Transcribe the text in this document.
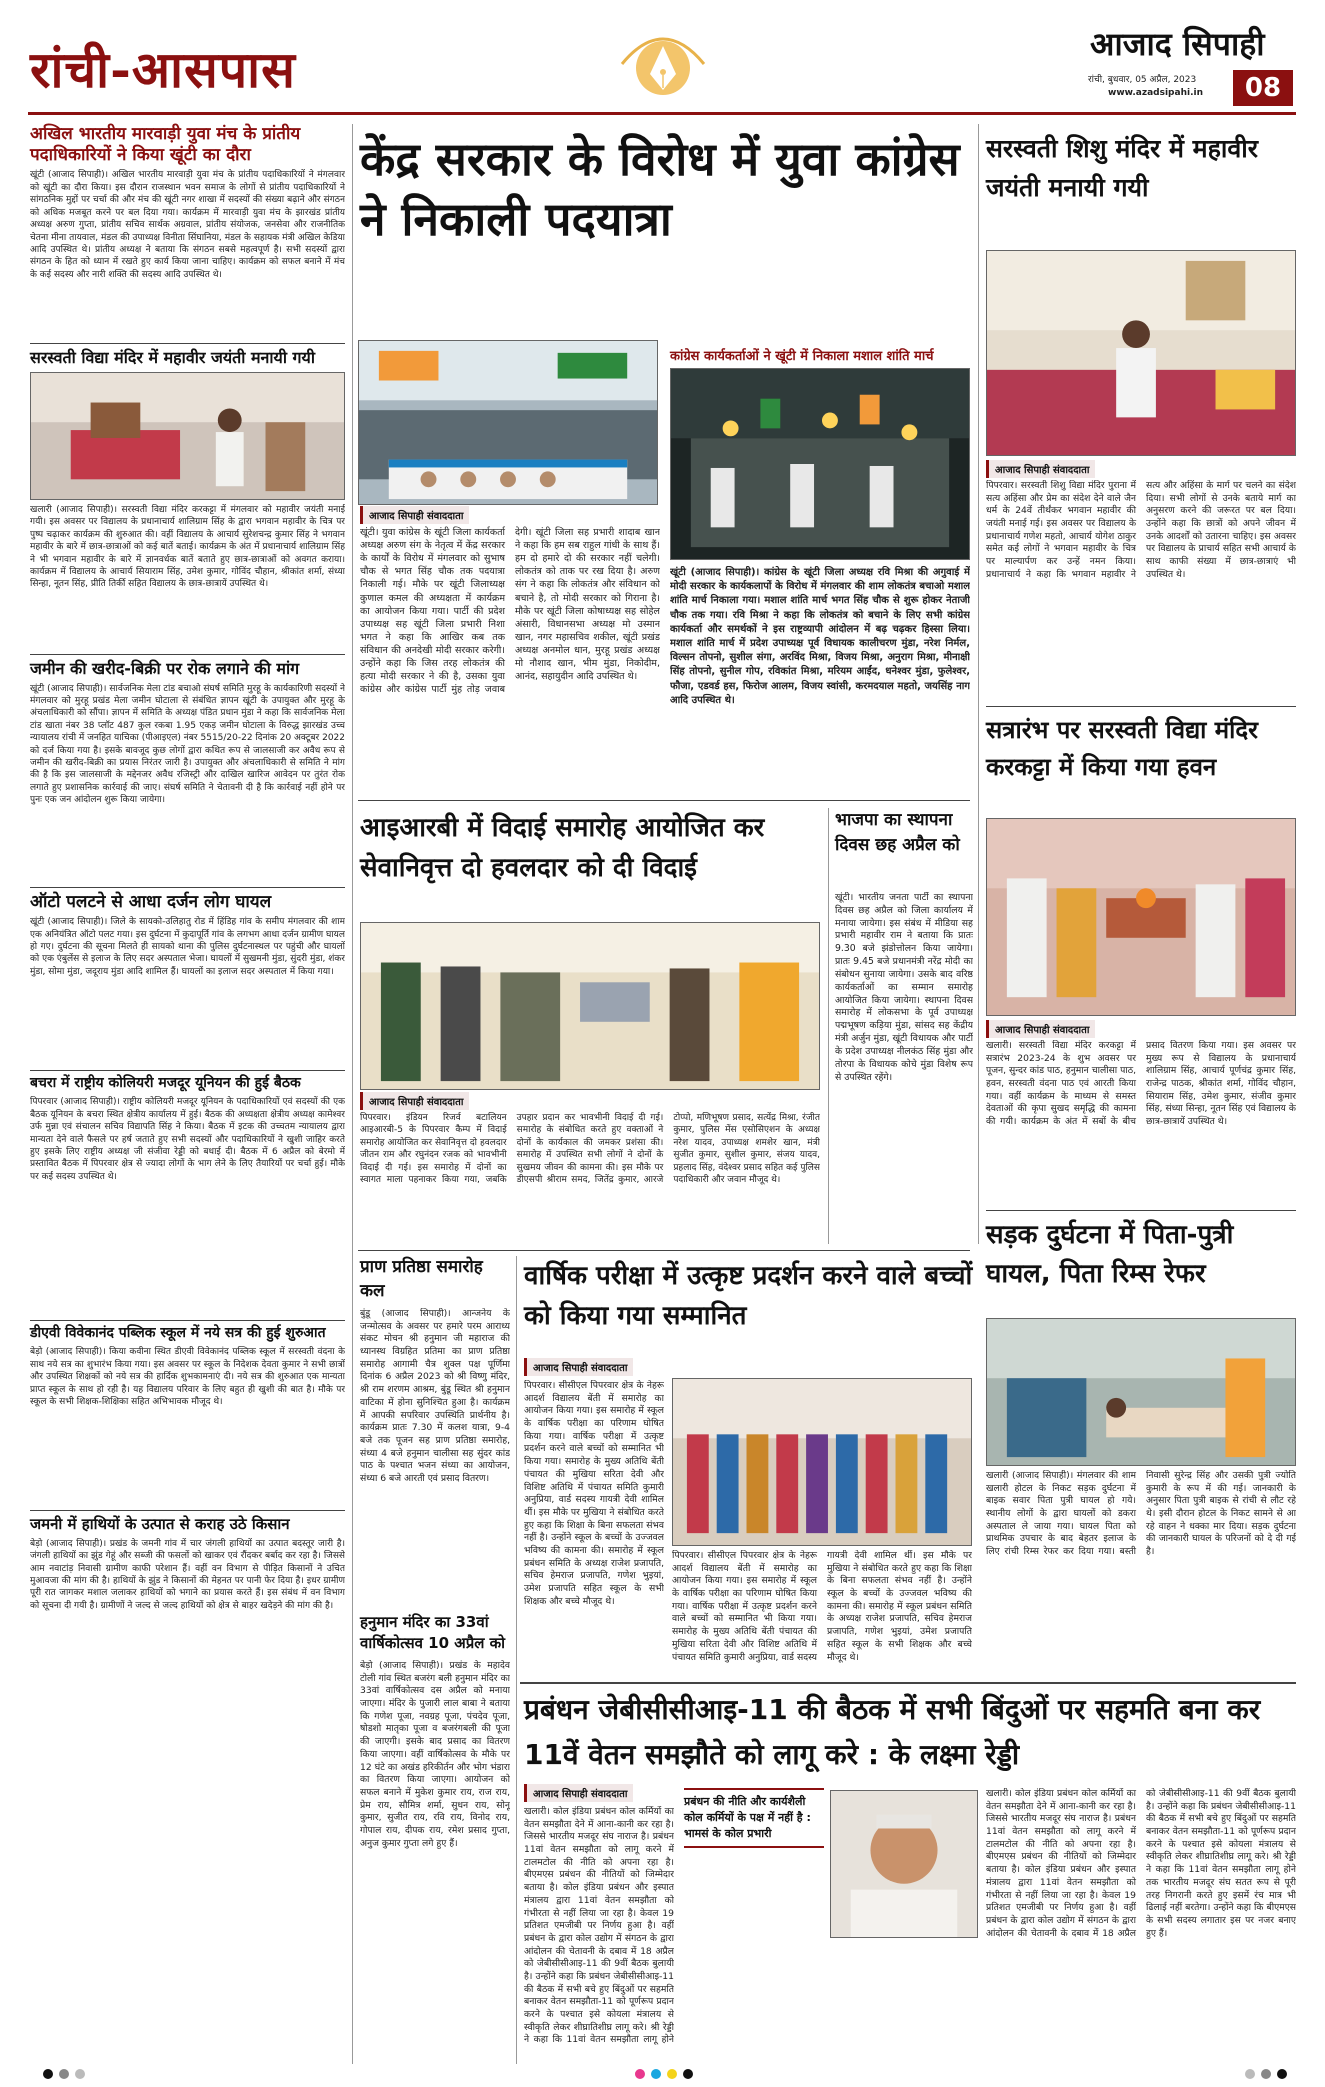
रांची-आसपास	आजाद सिपाही
रांची, बुधवार, 05 अप्रैल, 2023
www.azadsipahi.in	08
अखिल भारतीय मारवाड़ी युवा मंच के प्रांतीय पदाधिकारियों ने किया खूंटी का दौरा
खूंटी (आजाद सिपाही)। अखिल भारतीय मारवाड़ी युवा मंच के प्रांतीय पदाधिकारियों ने मंगलवार को खूंटी का दौरा किया। इस दौरान राजस्थान भवन समाज के लोगों से प्रांतीय पदाधिकारियों ने सांगठनिक मुद्दों पर चर्चा की और मंच की खूंटी नगर शाखा में सदस्यों की संख्या बढ़ाने और संगठन को अधिक मजबूत करने पर बल दिया गया। कार्यक्रम में मारवाड़ी युवा मंच के झारखंड प्रांतीय अध्यक्ष अरुण गुप्ता, प्रांतीय सचिव सार्थक अग्रवाल, प्रांतीय संयोजक, जनसेवा और राजनीतिक चेतना मीना तायवाल, मंडल की उपाध्यक्ष विनीता सिंघानिया, मंडल के सहायक मंत्री अखिल केडिया आदि उपस्थित थे। प्रांतीय अध्यक्ष ने बताया कि संगठन सबसे महत्वपूर्ण है। सभी सदस्यों द्वारा संगठन के हित को ध्यान में रखते हुए कार्य किया जाना चाहिए। कार्यक्रम को सफल बनाने में मंच के कई सदस्य और नारी शक्ति की सदस्य आदि उपस्थित थे।
सरस्वती विद्या मंदिर में महावीर जयंती मनायी गयी
खलारी (आजाद सिपाही)। सरस्वती विद्या मंदिर करकट्टा में मंगलवार को महावीर जयंती मनाई गयी। इस अवसर पर विद्यालय के प्रधानाचार्य शालिग्राम सिंह के द्वारा भगवान महावीर के चित्र पर पुष्प चढ़ाकर कार्यक्रम की शुरुआत की। वहीं विद्यालय के आचार्य सुरेशचन्द्र कुमार सिंह ने भगवान महावीर के बारे में छात्र-छात्राओं को कई बातें बताई। कार्यक्रम के अंत में प्रधानाचार्य शालिग्राम सिंह ने भी भगवान महावीर के बारे में ज्ञानवर्धक बातें बताते हुए छात्र-छात्राओं को अवगत कराया। कार्यक्रम में विद्यालय के आचार्य सियाराम सिंह, उमेश कुमार, गोविंद चौहान, श्रीकांत शर्मा, संध्या सिन्हा, नूतन सिंह, प्रीति तिर्की सहित विद्यालय के छात्र-छात्रायें उपस्थित थे।
जमीन की खरीद-बिक्री पर रोक लगाने की मांग
खूंटी (आजाद सिपाही)। सार्वजनिक मेला टांड बचाओ संघर्ष समिति मुरहू के कार्यकारिणी सदस्यों ने मंगलवार को मुरहू प्रखंड मेला जमीन घोटाला से संबंधित ज्ञापन खूंटी के उपायुक्त और मुरहू के अंचलाधिकारी को सौंपा। ज्ञापन में समिति के अध्यक्ष पंडित प्रधान मुंडा ने कहा कि सार्वजनिक मेला टांड खाता नंबर 38 प्लॉट 487 कुल रकबा 1.95 एकड़ जमीन घोटाला के विरुद्ध झारखंड उच्च न्यायालय रांची में जनहित याचिका (पीआइएल) नंबर 5515/20-22 दिनांक 20 अक्टूबर 2022 को दर्ज किया गया है। इसके बावजूद कुछ लोगों द्वारा कथित रूप से जालसाजी कर अवैध रूप से जमीन की खरीद-बिक्री का प्रयास निरंतर जारी है। उपायुक्त और अंचलाधिकारी से समिति ने मांग की है कि इस जालसाजी के मद्देनजर अवैध रजिस्ट्री और दाखिल खारिज आवेदन पर तुरंत रोक लगाते हुए प्रशासनिक कार्रवाई की जाए। संघर्ष समिति ने चेतावनी दी है कि कार्रवाई नहीं होने पर पुनः एक जन आंदोलन शुरू किया जायेगा।
ऑटो पलटने से आधा दर्जन लोग घायल
खूंटी (आजाद सिपाही)। जिले के सायको-उलिहातु रोड में हिंडिह गांव के समीप मंगलवार की शाम एक अनियंत्रित ऑटो पलट गया। इस दुर्घटना में कुदापूर्ति गांव के लगभग आधा दर्जन ग्रामीण घायल हो गए। दुर्घटना की सूचना मिलते ही सायको थाना की पुलिस दुर्घटनास्थल पर पहुंची और घायलों को एक एंबुलेंस से इलाज के लिए सदर अस्पताल भेजा। घायलों में सुखमनी मुंडा, सुंदरी मुंडा, शंकर मुंडा, सोमा मुंडा, जदूराय मुंडा आदि शामिल हैं। घायलों का इलाज सदर अस्पताल में किया गया।
बचरा में राष्ट्रीय कोलियरी मजदूर यूनियन की हुई बैठक
पिपरवार (आजाद सिपाही)। राष्ट्रीय कोलियरी मजदूर यूनियन के पदाधिकारियों एवं सदस्यों की एक बैठक यूनियन के बचरा स्थित क्षेत्रीय कार्यालय में हुई। बैठक की अध्यक्षता क्षेत्रीय अध्यक्ष कामेश्वर उर्फ मुन्ना एवं संचालन सचिव विद्यापति सिंह ने किया। बैठक में इटक की उच्चतम न्यायालय द्वारा मान्यता देने वाले फैसले पर हर्ष जताते हुए सभी सदस्यों और पदाधिकारियों ने खुशी जाहिर करते हुए इसके लिए राष्ट्रीय अध्यक्ष जी संजीवा रेड्डी को बधाई दी। बैठक में 6 अप्रैल को बेरमो में प्रस्तावित बैठक में पिपरवार क्षेत्र से ज्यादा लोगों के भाग लेने के लिए तैयारियों पर चर्चा हुई। मौके पर कई सदस्य उपस्थित थे।
डीएवी विवेकानंद पब्लिक स्कूल में नये सत्र की हुई शुरुआत
बेड़ो (आजाद सिपाही)। किया कवीना स्थित डीएवी विवेकानंद पब्लिक स्कूल में सरस्वती वंदना के साथ नये सत्र का शुभारंभ किया गया। इस अवसर पर स्कूल के निदेशक देवता कुमार ने सभी छात्रों और उपस्थित शिक्षकों को नये सत्र की हार्दिक शुभकामनाएं दी। नये सत्र की शुरुआत एक मान्यता प्राप्त स्कूल के साथ हो रही है। यह विद्यालय परिवार के लिए बहुत ही खुशी की बात है। मौके पर स्कूल के सभी शिक्षक-शिक्षिका सहित अभिभावक मौजूद थे।
जमनी में हाथियों के उत्पात से कराह उठे किसान
बेड़ो (आजाद सिपाही)। प्रखंड के जमनी गांव में चार जंगली हाथियों का उत्पात बदस्तूर जारी है। जंगली हाथियों का झुंड गेहूं और सब्जी की फसलों को खाकर एवं रौंदकर बर्बाद कर रहा है। जिससे आम नवाटांड़ निवासी ग्रामीण काफी परेशान हैं। वहीं वन विभाग से पीड़ित किसानों ने उचित मुआवजा की मांग की है। हाथियों के झुंड ने किसानों की मेहनत पर पानी फेर दिया है। इधर ग्रामीण पूरी रात जागकर मशाल जलाकर हाथियों को भगाने का प्रयास करते हैं। इस संबंध में वन विभाग को सूचना दी गयी है। ग्रामीणों ने जल्द से जल्द हाथियों को क्षेत्र से बाहर खदेड़ने की मांग की है।
केंद्र सरकार के विरोध में युवा कांग्रेस ने निकाली पदयात्रा
आजाद सिपाही संवाददाता
खूंटी। युवा कांग्रेस के खूंटी जिला कार्यकर्ता अध्यक्ष अरुण संग के नेतृत्व में केंद्र सरकार के कार्यों के विरोध में मंगलवार को सुभाष चौक से भगत सिंह चौक तक पदयात्रा निकाली गई। मौके पर खूंटी जिलाध्यक्ष कुणाल कमल की अध्यक्षता में कार्यक्रम का आयोजन किया गया। पार्टी की प्रदेश उपाध्यक्ष सह खूंटी जिला प्रभारी निशा भगत ने कहा कि आखिर कब तक संविधान की अनदेखी मोदी सरकार करेगी। उन्होंने कहा कि जिस तरह लोकतंत्र की हत्या मोदी सरकार ने की है, उसका युवा कांग्रेस और कांग्रेस पार्टी मुंह तोड़ जवाब देगी। खूंटी जिला सह प्रभारी शादाब खान ने कहा कि हम सब राहुल गांधी के साथ हैं। हम दो हमारे दो की सरकार नहीं चलेगी। लोकतंत्र को ताक पर रख दिया है। अरुण संग ने कहा कि लोकतंत्र और संविधान को बचाने है, तो मोदी सरकार को गिराना है। मौके पर खूंटी जिला कोषाध्यक्ष सह सोहेल अंसारी, विधानसभा अध्यक्ष मो उस्मान खान, नगर महासचिव शकील, खूंटी प्रखंड अध्यक्ष अनमोल धान, मुरहू प्रखंड अध्यक्ष मो नौशाद खान, भीम मुंडा, निकोदीम, आनंद, सहायुदीन आदि उपस्थित थे।
कांग्रेस कार्यकर्ताओं ने खूंटी में निकाला मशाल शांति मार्च
खूंटी (आजाद सिपाही)। कांग्रेस के खूंटी जिला अध्यक्ष रवि मिश्रा की अगुवाई में मोदी सरकार के कार्यकलापों के विरोध में मंगलवार की शाम लोकतंत्र बचाओ मशाल शांति मार्च निकाला गया। मशाल शांति मार्च भगत सिंह चौक से शुरू होकर नेताजी चौक तक गया। रवि मिश्रा ने कहा कि लोकतंत्र को बचाने के लिए सभी कांग्रेस कार्यकर्ता और समर्थकों ने इस राष्ट्रव्यापी आंदोलन में बढ़ चढ़कर हिस्सा लिया। मशाल शांति मार्च में प्रदेश उपाध्यक्ष पूर्व विधायक कालीचरण मुंडा, नरेश निर्मल, विल्सन तोपनो, सुशील संगा, अरविंद मिश्रा, विजय मिश्रा, अनुराग मिश्रा, मीनाक्षी सिंह तोपनो, सुनील गोप, रविकांत मिश्रा, मरियम आईंद, धनेश्वर मुंडा, फुलेश्वर, फौजा, एडवर्ड हस, फिरोज आलम, विजय स्वांसी, करमदयाल महतो, जयसिंह नाग आदि उपस्थित थे।
आइआरबी में विदाई समारोह आयोजित कर सेवानिवृत्त दो हवलदार को दी विदाई
आजाद सिपाही संवाददाता
पिपरवार। इंडियन रिजर्व बटालियन आइआरबी-5 के पिपरवार कैम्प में विदाई समारोह आयोजित कर सेवानिवृत्त दो हवलदार जीतन राम और रघुनंदन रजक को भावभीनी विदाई दी गई। इस समारोह में दोनों का स्वागत माला पहनाकर किया गया, जबकि उपहार प्रदान कर भावभीनी विदाई दी गई। समारोह के संबोधित करते हुए वक्ताओं ने दोनों के कार्यकाल की जमकर प्रशंसा की। समारोह में उपस्थित सभी लोगों ने दोनों के सुखमय जीवन की कामना की। इस मौके पर डीएसपी श्रीराम समद, जितेंद्र कुमार, आरजे टोप्पो, मणिभूषण प्रसाद, सत्येंद्र मिश्रा, रंजीत कुमार, पुलिस मेंस एसोसिएशन के अध्यक्ष नरेश यादव, उपाध्यक्ष शमशेर खान, मंत्री सुजीत कुमार, सुशील कुमार, संजय यादव, प्रहलाद सिंह, वंदेश्वर प्रसाद सहित कई पुलिस पदाधिकारी और जवान मौजूद थे।
भाजपा का स्थापना दिवस छह अप्रैल को
खूंटी। भारतीय जनता पार्टी का स्थापना दिवस छह अप्रैल को जिला कार्यालय में मनाया जायेगा। इस संबंध में मीडिया सह प्रभारी महावीर राम ने बताया कि प्रातः 9.30 बजे झंडोत्तोलन किया जायेगा। प्रातः 9.45 बजे प्रधानमंत्री नरेंद्र मोदी का संबोधन सुनाया जायेगा। उसके बाद वरिष्ठ कार्यकर्ताओं का सम्मान समारोह आयोजित किया जायेगा। स्थापना दिवस समारोह में लोकसभा के पूर्व उपाध्यक्ष पद्मभूषण कड़िया मुंडा, सांसद सह केंद्रीय मंत्री अर्जुन मुंडा, खूंटी विधायक और पार्टी के प्रदेश उपाध्यक्ष नीलकंठ सिंह मुंडा और तोरपा के विधायक कोचे मुंडा विशेष रूप से उपस्थित रहेंगे।
प्राण प्रतिष्ठा समारोह कल
बुंडू (आजाद सिपाही)। आन्जनेय के जन्मोत्सव के अवसर पर हमारे परम आराध्य संकट मोचन श्री हनुमान जी महाराज की ध्यानस्थ विग्रहित प्रतिमा का प्राण प्रतिष्ठा समारोह आगामी चैत्र शुक्ल पक्ष पूर्णिमा दिनांक 6 अप्रैल 2023 को श्री विष्णु मंदिर, श्री राम शरणम आश्रम, बुंडू स्थित श्री हनुमान वाटिका में होना सुनिश्चित हुआ है। कार्यक्रम में आपकी सपरिवार उपस्थिति प्रार्थनीय है। कार्यक्रम प्रातः 7.30 में कलश यात्रा, 9-4 बजे तक पूजन सह प्राण प्रतिष्ठा समारोह, संध्या 4 बजे हनुमान चालीसा सह सुंदर कांड पाठ के पश्चात भजन संध्या का आयोजन, संध्या 6 बजे आरती एवं प्रसाद वितरण।
हनुमान मंदिर का 33वां वार्षिकोत्सव 10 अप्रैल को
बेड़ो (आजाद सिपाही)। प्रखंड के महादेव टोली गांव स्थित बजरंग बली हनुमान मंदिर का 33वां वार्षिकोत्सव दस अप्रैल को मनाया जाएगा। मंदिर के पुजारी लाल बाबा ने बताया कि गणेश पूजा, नवग्रह पूजा, पंचदेव पूजा, षोडशो मातृका पूजा व बजरंगबली की पूजा की जाएगी। इसके बाद प्रसाद का वितरण किया जाएगा। वहीं वार्षिकोत्सव के मौके पर 12 घंटे का अखंड हरिकीर्तन और भोग भंडारा का वितरण किया जाएगा। आयोजन को सफल बनाने में मुकेश कुमार राय, राज राय, प्रेम राय, सौमित्र शर्मा, सुधन राय, सोनू कुमार, सुजीत राय, रवि राय, विनोद राय, गोपाल राय, दीपक राय, रमेश प्रसाद गुप्ता, अनुज कुमार गुप्ता लगे हुए हैं।
वार्षिक परीक्षा में उत्कृष्ट प्रदर्शन करने वाले बच्चों को किया गया सम्मानित
आजाद सिपाही संवाददाता
पिपरवार। सीसीएल पिपरवार क्षेत्र के नेहरू आदर्श विद्यालय बेंती में समारोह का आयोजन किया गया। इस समारोह में स्कूल के वार्षिक परीक्षा का परिणाम घोषित किया गया। वार्षिक परीक्षा में उत्कृष्ट प्रदर्शन करने वाले बच्चों को सम्मानित भी किया गया। समारोह के मुख्य अतिथि बेंती पंचायत की मुखिया सरिता देवी और विशिष्ट अतिथि में पंचायत समिति कुमारी अनुप्रिया, वार्ड सदस्य गायत्री देवी शामिल थीं। इस मौके पर मुखिया ने संबोधित करते हुए कहा कि शिक्षा के बिना सफलता संभव नहीं है। उन्होंने स्कूल के बच्चों के उज्जवल भविष्य की कामना की। समारोह में स्कूल प्रबंधन समिति के अध्यक्ष राजेश प्रजापति, सचिव हेमराज प्रजापति, गणेश भुइयां, उमेश प्रजापति सहित स्कूल के सभी शिक्षक और बच्चे मौजूद थे।
पिपरवार। सीसीएल पिपरवार क्षेत्र के नेहरू आदर्श विद्यालय बेंती में समारोह का आयोजन किया गया। इस समारोह में स्कूल के वार्षिक परीक्षा का परिणाम घोषित किया गया। वार्षिक परीक्षा में उत्कृष्ट प्रदर्शन करने वाले बच्चों को सम्मानित भी किया गया। समारोह के मुख्य अतिथि बेंती पंचायत की मुखिया सरिता देवी और विशिष्ट अतिथि में पंचायत समिति कुमारी अनुप्रिया, वार्ड सदस्य गायत्री देवी शामिल थीं। इस मौके पर मुखिया ने संबोधित करते हुए कहा कि शिक्षा के बिना सफलता संभव नहीं है। उन्होंने स्कूल के बच्चों के उज्जवल भविष्य की कामना की। समारोह में स्कूल प्रबंधन समिति के अध्यक्ष राजेश प्रजापति, सचिव हेमराज प्रजापति, गणेश भुइयां, उमेश प्रजापति सहित स्कूल के सभी शिक्षक और बच्चे मौजूद थे।
सरस्वती शिशु मंदिर में महावीर जयंती मनायी गयी
आजाद सिपाही संवाददाता
पिपरवार। सरस्वती शिशु विद्या मंदिर पुराना में सत्य अहिंसा और प्रेम का संदेश देने वाले जैन धर्म के 24वें तीर्थंकर भगवान महावीर की जयंती मनाई गई। इस अवसर पर विद्यालय के प्रधानाचार्य गणेश महतो, आचार्य योगेश ठाकुर समेत कई लोगों ने भगवान महावीर के चित्र पर माल्यार्पण कर उन्हें नमन किया। प्रधानाचार्य ने कहा कि भगवान महावीर ने सत्य और अहिंसा के मार्ग पर चलने का संदेश दिया। सभी लोगों से उनके बताये मार्ग का अनुसरण करने की जरूरत पर बल दिया। उन्होंने कहा कि छात्रों को अपने जीवन में उनके आदर्शों को उतारना चाहिए। इस अवसर पर विद्यालय के प्राचार्य सहित सभी आचार्य के साथ काफी संख्या में छात्र-छात्राएं भी उपस्थित थे।
सत्रारंभ पर सरस्वती विद्या मंदिर करकट्टा में किया गया हवन
आजाद सिपाही संवाददाता
खलारी। सरस्वती विद्या मंदिर करकट्टा में सत्रारंभ 2023-24 के शुभ अवसर पर पूजन, सुन्दर कांड पाठ, हनुमान चालीसा पाठ, हवन, सरस्वती वंदना पाठ एवं आरती किया गया। वहीं कार्यक्रम के माध्यम से समस्त देवताओं की कृपा सुखद समृद्धि की कामना की गयी। कार्यक्रम के अंत में सबों के बीच प्रसाद वितरण किया गया। इस अवसर पर मुख्य रूप से विद्यालय के प्रधानाचार्य शालिग्राम सिंह, आचार्य पूर्णचंद्र कुमार सिंह, राजेन्द्र पाठक, श्रीकांत शर्मा, गोविंद चौहान, सियाराम सिंह, उमेश कुमार, संजीव कुमार सिंह, संध्या सिन्हा, नूतन सिंह एवं विद्यालय के छात्र-छात्रायें उपस्थित थे।
सड़क दुर्घटना में पिता-पुत्री घायल, पिता रिम्स रेफर
खलारी (आजाद सिपाही)। मंगलवार की शाम खलारी होटल के निकट सड़क दुर्घटना में बाइक सवार पिता पुत्री घायल हो गये। स्थानीय लोगों के द्वारा घायलों को डकरा अस्पताल ले जाया गया। घायल पिता को प्राथमिक उपचार के बाद बेहतर इलाज के लिए रांची रिम्स रेफर कर दिया गया। बस्ती निवासी सुरेन्द्र सिंह और उसकी पुत्री ज्योति कुमारी के रूप में की गई। जानकारी के अनुसार पिता पुत्री बाइक से रांची से लौट रहे थे। इसी दौरान होटल के निकट सामने से आ रहे वाहन ने धक्का मार दिया। सड़क दुर्घटना की जानकारी घायल के परिजनों को दे दी गई है।
प्रबंधन जेबीसीसीआइ-11 की बैठक में सभी बिंदुओं पर सहमति बना कर 11वें वेतन समझौते को लागू करे : के लक्ष्मा रेड्डी
आजाद सिपाही संवाददाता
खलारी। कोल इंडिया प्रबंधन कोल कर्मियों का वेतन समझौता देने में आना-कानी कर रहा है। जिससे भारतीय मजदूर संघ नाराज है। प्रबंधन 11वां वेतन समझौता को लागू करने में टालमटोल की नीति को अपना रहा है। बीएमएस प्रबंधन की नीतियों को जिम्मेदार बताया है। कोल इंडिया प्रबंधन और इस्पात मंत्रालय द्वारा 11वां वेतन समझौता को गंभीरता से नहीं लिया जा रहा है। केवल 19 प्रतिशत एमजीबी पर निर्णय हुआ है। वहीं प्रबंधन के द्वारा कोल उद्योग में संगठन के द्वारा आंदोलन की चेतावनी के दबाव में 18 अप्रैल को जेबीसीसीआइ-11 की 9वीं बैठक बुलायी है। उन्होंने कहा कि प्रबंधन जेबीसीसीआइ-11 की बैठक में सभी बचे हुए बिंदुओं पर सहमति बनाकर वेतन समझौता-11 को पूर्णरूप प्रदान करने के पश्चात इसे कोयला मंत्रालय से स्वीकृति लेकर शीघ्रातिशीघ्र लागू करे। श्री रेड्डी ने कहा कि 11वां वेतन समझौता लागू होने
प्रबंधन की नीति और कार्यशैली कोल कर्मियों के पक्ष में नहीं है : भामसं के कोल प्रभारी
खलारी। कोल इंडिया प्रबंधन कोल कर्मियों का वेतन समझौता देने में आना-कानी कर रहा है। जिससे भारतीय मजदूर संघ नाराज है। प्रबंधन 11वां वेतन समझौता को लागू करने में टालमटोल की नीति को अपना रहा है। बीएमएस प्रबंधन की नीतियों को जिम्मेदार बताया है। कोल इंडिया प्रबंधन और इस्पात मंत्रालय द्वारा 11वां वेतन समझौता को गंभीरता से नहीं लिया जा रहा है। केवल 19 प्रतिशत एमजीबी पर निर्णय हुआ है। वहीं प्रबंधन के द्वारा कोल उद्योग में संगठन के द्वारा आंदोलन की चेतावनी के दबाव में 18 अप्रैल को जेबीसीसीआइ-11 की 9वीं बैठक बुलायी है। उन्होंने कहा कि प्रबंधन जेबीसीसीआइ-11 की बैठक में सभी बचे हुए बिंदुओं पर सहमति बनाकर वेतन समझौता-11 को पूर्णरूप प्रदान करने के पश्चात इसे कोयला मंत्रालय से स्वीकृति लेकर शीघ्रातिशीघ्र लागू करे। श्री रेड्डी ने कहा कि 11वां वेतन समझौता लागू होने तक भारतीय मजदूर संघ सतत रूप से पूरी तरह निगरानी करते हुए इसमें रंच मात्र भी ढिलाई नहीं बरतेगा। उन्होंने कहा कि बीएमएस के सभी सदस्य लगातार इस पर नजर बनाए हुए हैं।
